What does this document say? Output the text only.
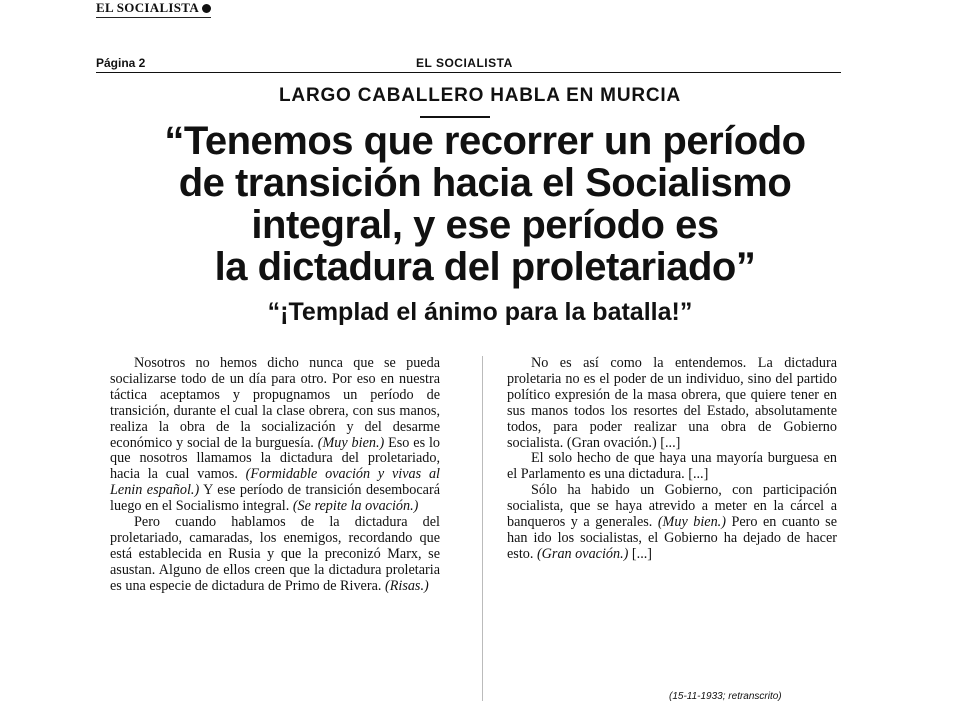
EL SOCIALISTA
Página 2	EL SOCIALISTA
LARGO CABALLERO HABLA EN MURCIA
“Tenemos que recorrer un período
de transición hacia el Socialismo
integral, y ese período es
la dictadura del proletariado”
“¡Templad el ánimo para la batalla!”

Nosotros no hemos dicho nunca que se pueda socializarse todo de un día para otro. Por eso en nuestra táctica aceptamos y propugnamos un período de transición, durante el cual la clase obrera, con sus manos, realiza la obra de la socialización y del desarme económico y social de la burguesía. (Muy bien.) Eso es lo que nosotros llamamos la dictadura del proletariado, hacia la cual vamos. (Formidable ovación y vivas al Lenin español.) Y ese período de transición desembocará luego en el Socialismo integral. (Se repite la ovación.)

Pero cuando hablamos de la dictadura del proletariado, camaradas, los enemigos, recordando que está establecida en Rusia y que la preconizó Marx, se asustan. Alguno de ellos creen que la dictadura proletaria es una especie de dictadura de Primo de Rivera. (Risas.)

No es así como la entendemos. La dictadura proletaria no es el poder de un individuo, sino del partido político expresión de la masa obrera, que quiere tener en sus manos todos los resortes del Estado, absolutamente todos, para poder realizar una obra de Gobierno socialista. (Gran ovación.) [...]

El solo hecho de que haya una mayoría burguesa en el Parlamento es una dictadura. [...]

Sólo ha habido un Gobierno, con participación socialista, que se haya atrevido a meter en la cárcel a banqueros y a generales. (Muy bien.) Pero en cuanto se han ido los socialistas, el Gobierno ha dejado de hacer esto. (Gran ovación.) [...]

(15-11-1933; retranscrito)
